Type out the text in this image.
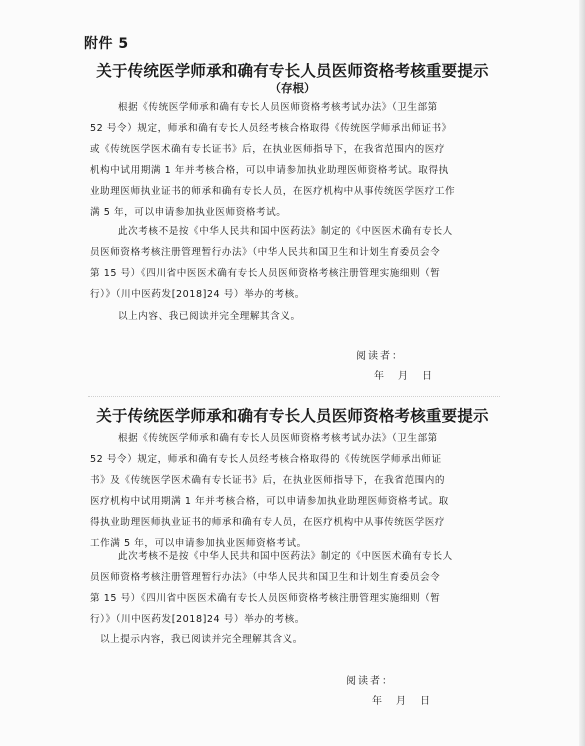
附件 5
关于传统医学师承和确有专长人员医师资格考核重要提示
（存根）
根据《传统医学师承和确有专长人员医师资格考核考试办法》（卫生部第
52 号令）规定，师承和确有专长人员经考核合格取得《传统医学师承出师证书》
或《传统医学医术确有专长证书》后，在执业医师指导下，在我省范围内的医疗
机构中试用期满 1 年并考核合格，可以申请参加执业助理医师资格考试。取得执
业助理医师执业证书的师承和确有专长人员，在医疗机构中从事传统医学医疗工作
满 5 年，可以申请参加执业医师资格考试。
此次考核不是按《中华人民共和国中医药法》制定的《中医医术确有专长人
员医师资格考核注册管理暂行办法》（中华人民共和国卫生和计划生育委员会令
第 15 号）《四川省中医医术确有专长人员医师资格考核注册管理实施细则（暂
行）》（川中医药发[2018]24 号）举办的考核。
以上内容、我已阅读并完全理解其含义。
阅读者：
年　月　日
关于传统医学师承和确有专长人员医师资格考核重要提示
根据《传统医学师承和确有专长人员医师资格考核考试办法》（卫生部第
52 号令）规定，师承和确有专长人员经考核合格取得的《传统医学师承出师证
书》及《传统医学医术确有专长证书》后，在执业医师指导下，在我省范围内的
医疗机构中试用期满 1 年并考核合格，可以申请参加执业助理医师资格考试。取
得执业助理医师执业证书的师承和确有专人员，在医疗机构中从事传统医学医疗
工作满 5 年，可以申请参加执业医师资格考试。
此次考核不是按《中华人民共和国中医药法》制定的《中医医术确有专长人
员医师资格考核注册管理暂行办法》（中华人民共和国卫生和计划生育委员会令
第 15 号）《四川省中医医术确有专长人员医师资格考核注册管理实施细则（暂
行）》（川中医药发[2018]24 号）举办的考核。
以上提示内容，我已阅读并完全理解其含义。
阅读者：
年　月　日
